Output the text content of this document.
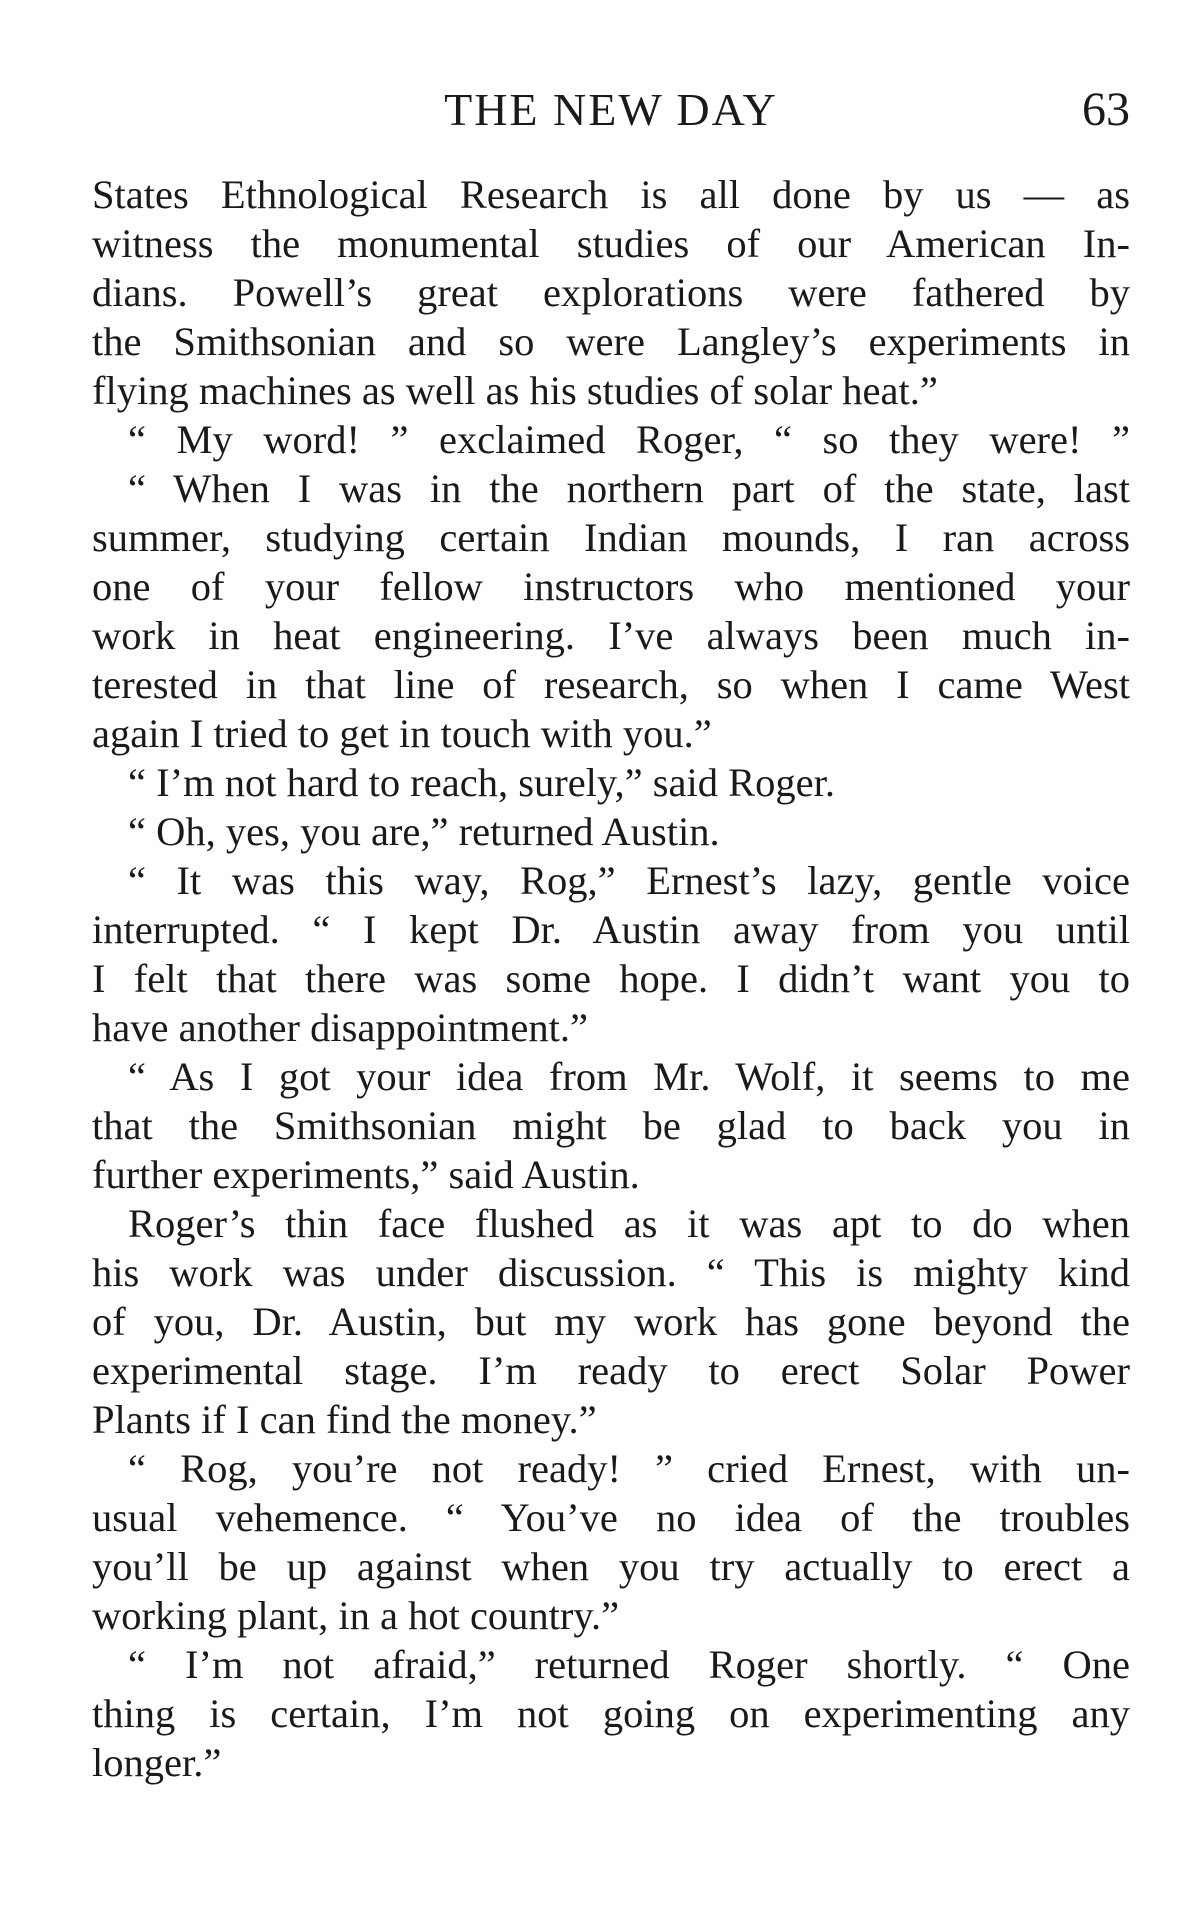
THE NEW DAY	63
States Ethnological Research is all done by us — as
witness the monumental studies of our American In-
dians. Powell’s great explorations were fathered by
the Smithsonian and so were Langley’s experiments in
flying machines as well as his studies of solar heat.”
“ My word! ” exclaimed Roger, “ so they were! ”
“ When I was in the northern part of the state, last
summer, studying certain Indian mounds, I ran across
one of your fellow instructors who mentioned your
work in heat engineering. I’ve always been much in-
terested in that line of research, so when I came West
again I tried to get in touch with you.”
“ I’m not hard to reach, surely,” said Roger.
“ Oh, yes, you are,” returned Austin.
“ It was this way, Rog,” Ernest’s lazy, gentle voice
interrupted. “ I kept Dr. Austin away from you until
I felt that there was some hope. I didn’t want you to
have another disappointment.”
“ As I got your idea from Mr. Wolf, it seems to me
that the Smithsonian might be glad to back you in
further experiments,” said Austin.
Roger’s thin face flushed as it was apt to do when
his work was under discussion. “ This is mighty kind
of you, Dr. Austin, but my work has gone beyond the
experimental stage. I’m ready to erect Solar Power
Plants if I can find the money.”
“ Rog, you’re not ready! ” cried Ernest, with un-
usual vehemence. “ You’ve no idea of the troubles
you’ll be up against when you try actually to erect a
working plant, in a hot country.”
“ I’m not afraid,” returned Roger shortly. “ One
thing is certain, I’m not going on experimenting any
longer.”
